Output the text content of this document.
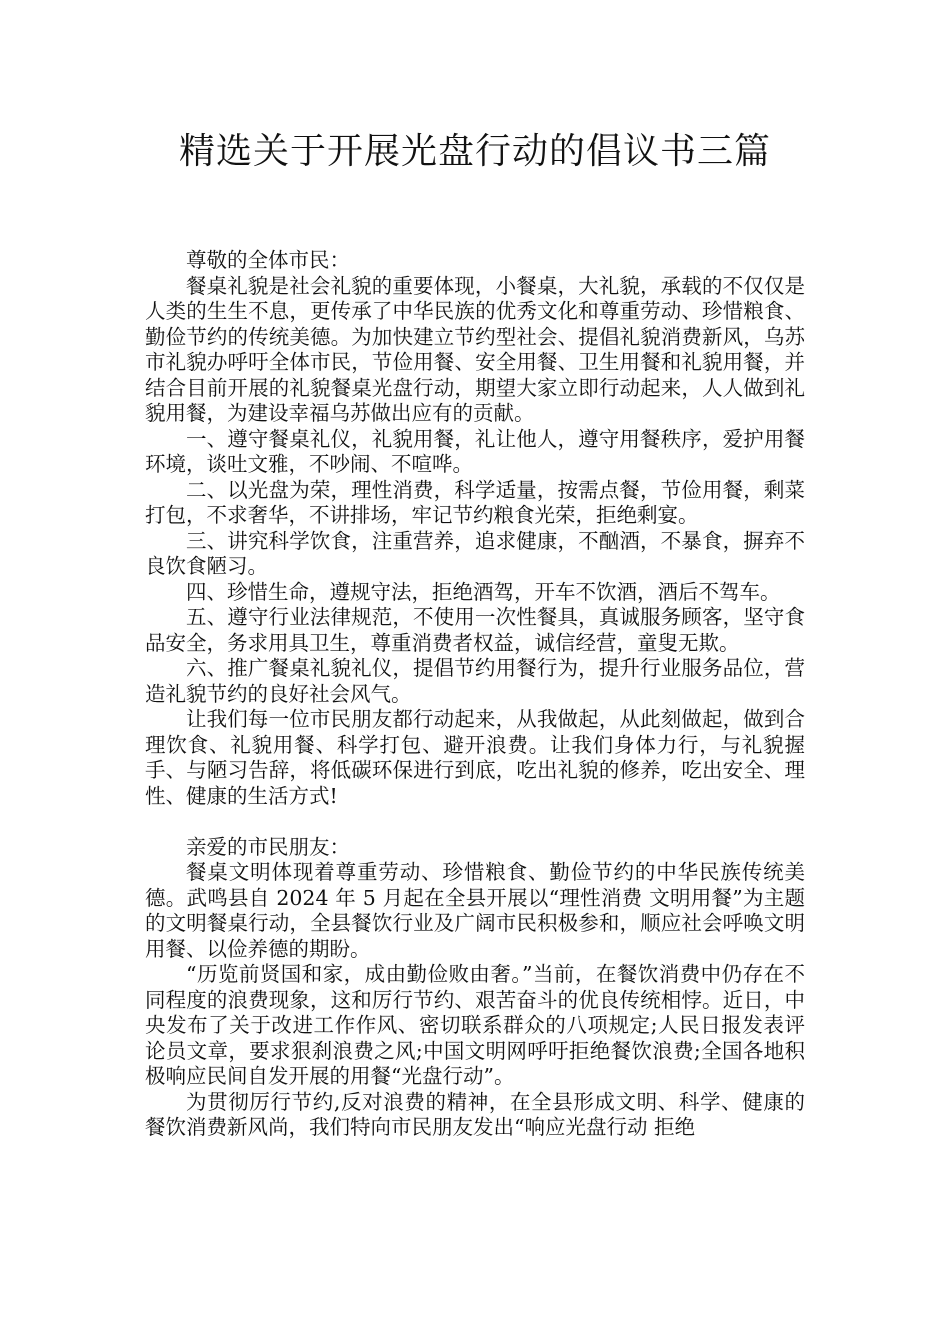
精选关于开展光盘行动的倡议书三篇

尊敬的全体市民：

餐桌礼貌是社会礼貌的重要体现，小餐桌，大礼貌，承载的不仅仅是人类的生生不息，更传承了中华民族的优秀文化和尊重劳动、珍惜粮食、勤俭节约的传统美德。为加快建立节约型社会、提倡礼貌消费新风，乌苏市礼貌办呼吁全体市民，节俭用餐、安全用餐、卫生用餐和礼貌用餐，并结合目前开展的礼貌餐桌光盘行动，期望大家立即行动起来，人人做到礼貌用餐，为建设幸福乌苏做出应有的贡献。

一、遵守餐桌礼仪，礼貌用餐，礼让他人，遵守用餐秩序，爱护用餐环境，谈吐文雅，不吵闹、不喧哗。

二、以光盘为荣，理性消费，科学适量，按需点餐，节俭用餐，剩菜打包，不求奢华，不讲排场，牢记节约粮食光荣，拒绝剩宴。

三、讲究科学饮食，注重营养，追求健康，不酗酒，不暴食，摒弃不良饮食陋习。

四、珍惜生命，遵规守法，拒绝酒驾，开车不饮酒，酒后不驾车。

五、遵守行业法律规范，不使用一次性餐具，真诚服务顾客，坚守食品安全，务求用具卫生，尊重消费者权益，诚信经营，童叟无欺。

六、推广餐桌礼貌礼仪，提倡节约用餐行为，提升行业服务品位，营造礼貌节约的良好社会风气。

让我们每一位市民朋友都行动起来，从我做起，从此刻做起，做到合理饮食、礼貌用餐、科学打包、避开浪费。让我们身体力行，与礼貌握手、与陋习告辞，将低碳环保进行到底，吃出礼貌的修养，吃出安全、理性、健康的生活方式!

亲爱的市民朋友：

餐桌文明体现着尊重劳动、珍惜粮食、勤俭节约的中华民族传统美德。武鸣县自 2024 年 5 月起在全县开展以“理性消费 文明用餐”为主题的文明餐桌行动，全县餐饮行业及广阔市民积极参和，顺应社会呼唤文明用餐、以俭养德的期盼。

“历览前贤国和家，成由勤俭败由奢。”当前，在餐饮消费中仍存在不同程度的浪费现象，这和厉行节约、艰苦奋斗的优良传统相悖。近日，中央发布了关于改进工作作风、密切联系群众的八项规定;人民日报发表评论员文章，要求狠刹浪费之风;中国文明网呼吁拒绝餐饮浪费;全国各地积极响应民间自发开展的用餐“光盘行动”。

为贯彻厉行节约,反对浪费的精神，在全县形成文明、科学、健康的餐饮消费新风尚，我们特向市民朋友发出“响应光盘行动 拒绝
